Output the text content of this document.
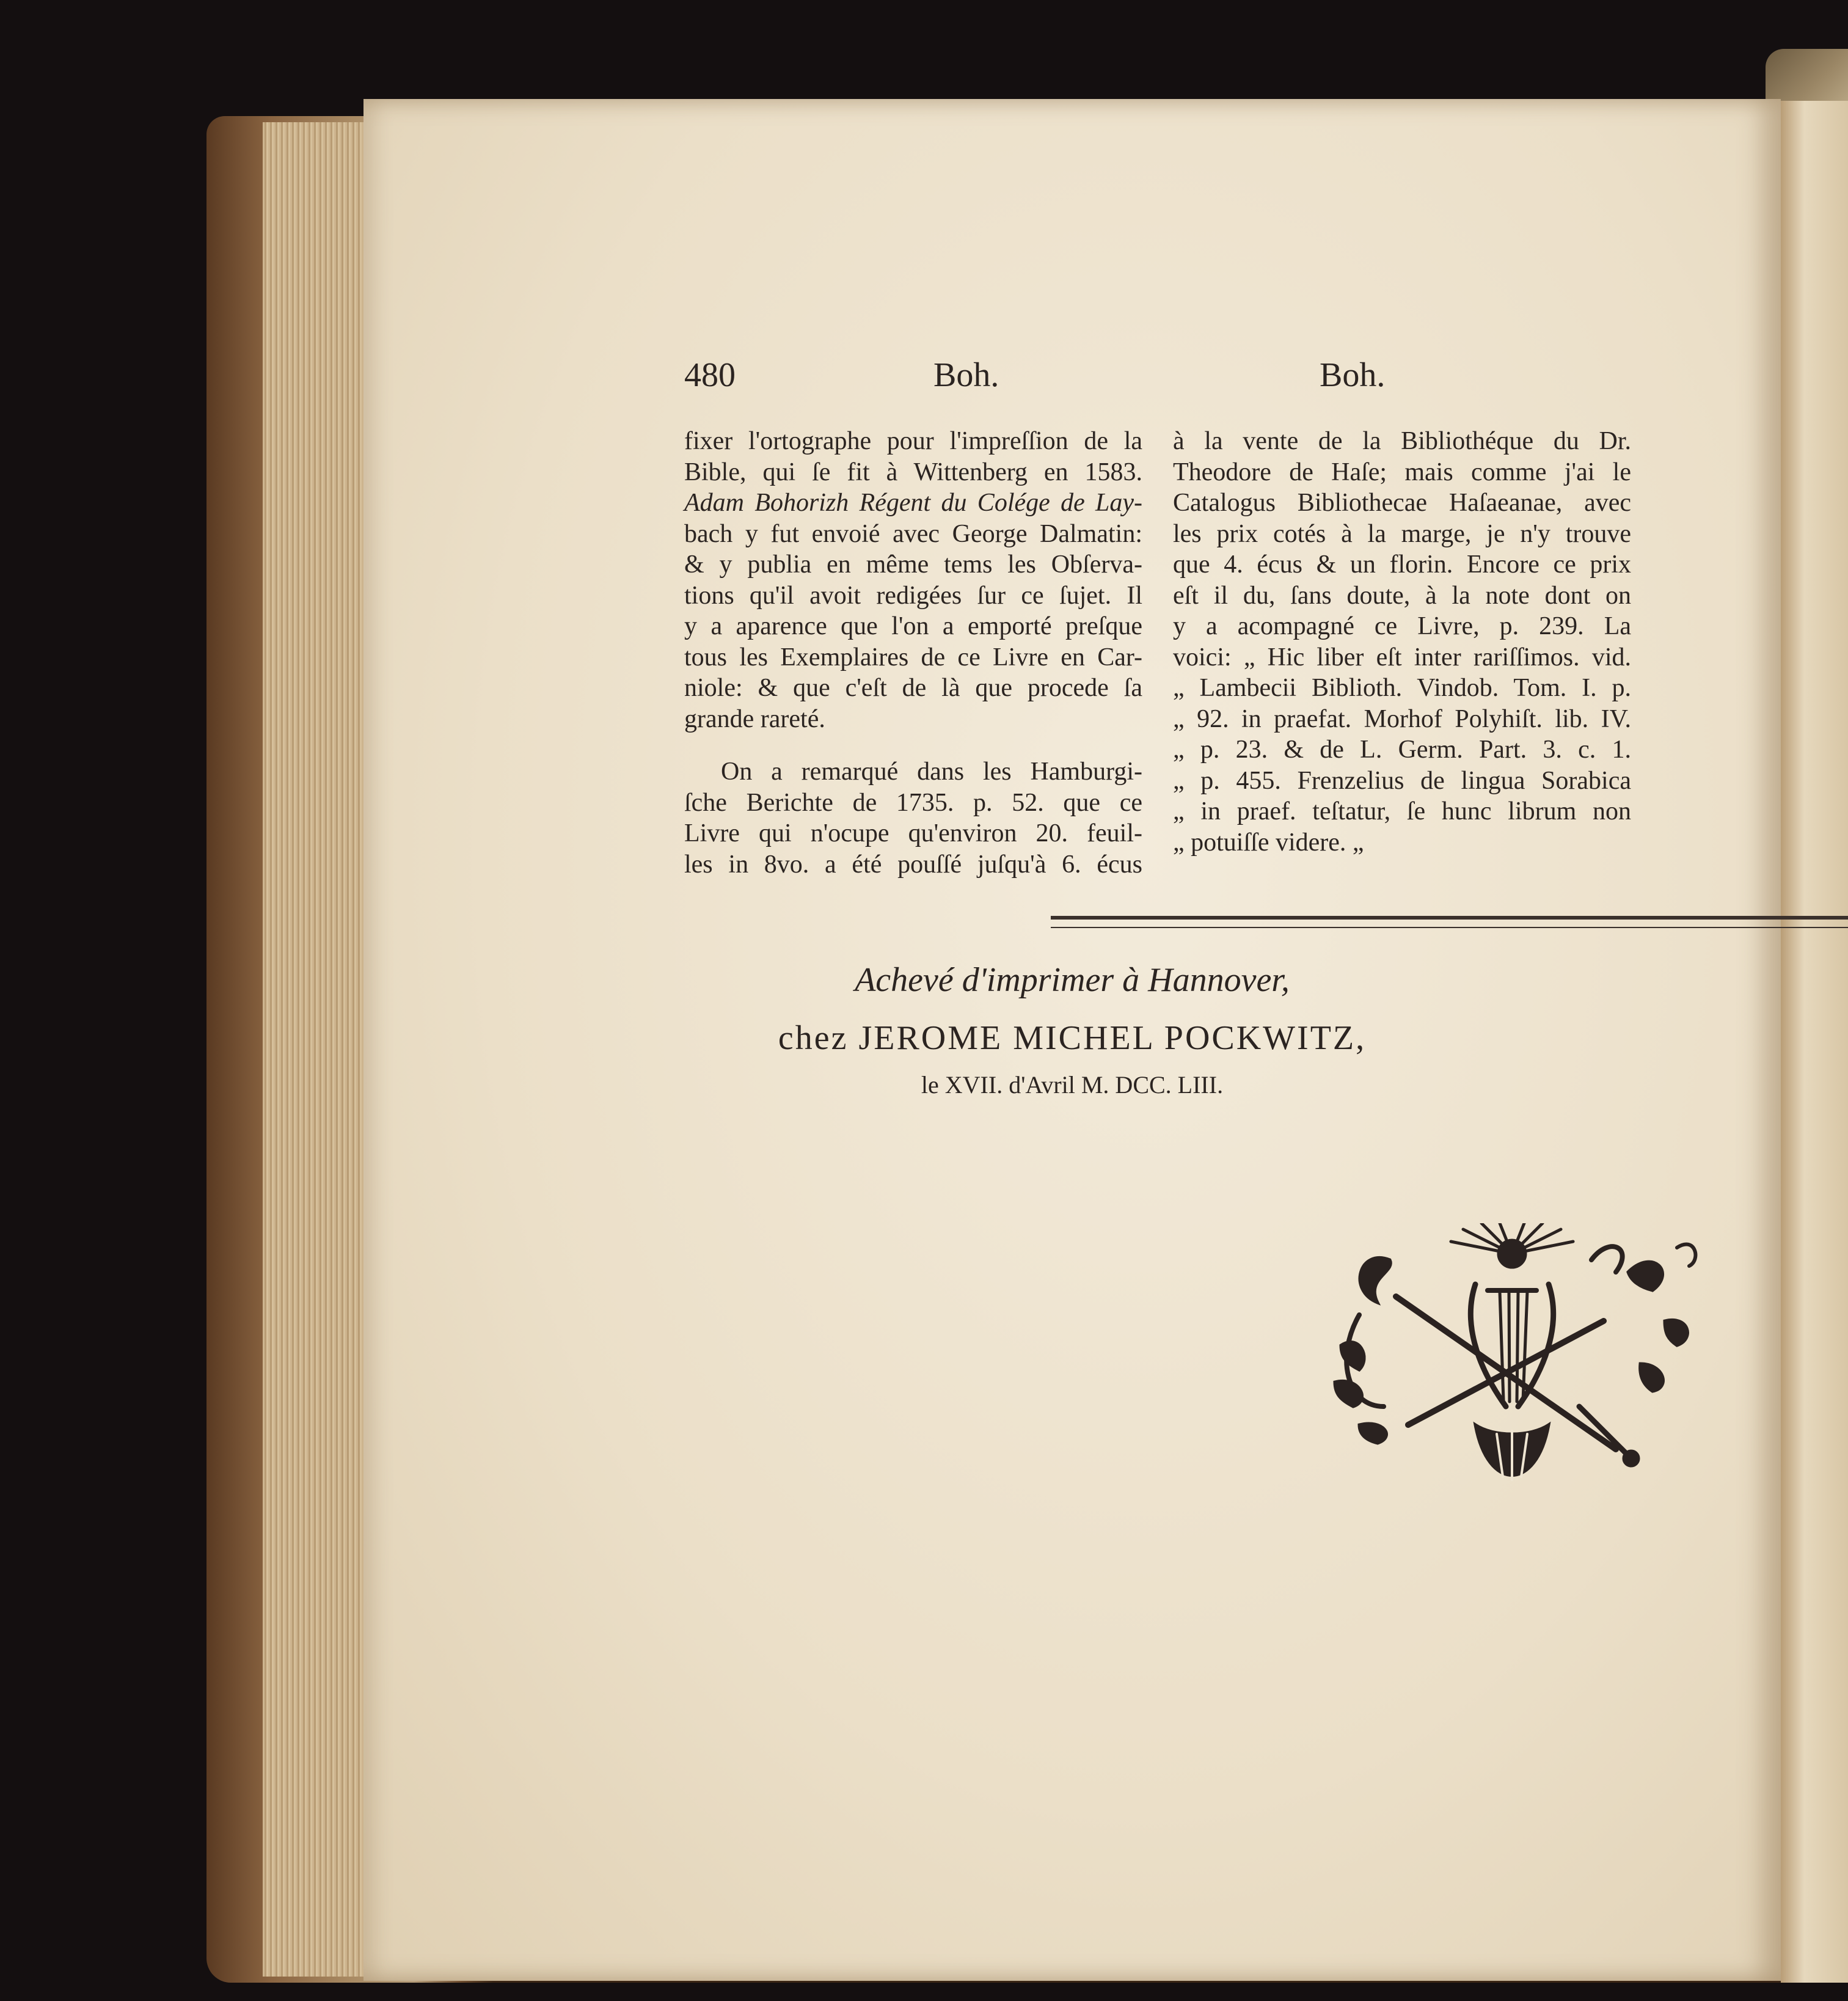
480	Boh.	Boh.
fixer l'ortographe pour l'impreſſion de la
Bible, qui ſe fit à Wittenberg en 1583.
Adam Bohorizh Régent du Colége de Lay-
bach y fut envoié avec George Dalmatin:
& y publia en même tems les Obſerva-
tions qu'il avoit redigées ſur ce ſujet. Il
y a aparence que l'on a emporté preſque
tous les Exemplaires de ce Livre en Car-
niole: & que c'eſt de là que procede ſa
grande rareté.
On a remarqué dans les Hamburgi-
ſche Berichte de 1735. p. 52. que ce
Livre qui n'ocupe qu'environ 20. feuil-
les in 8vo. a été pouſſé juſqu'à 6. écus
à la vente de la Bibliothéque du Dr.
Theodore de Haſe; mais comme j'ai le
Catalogus Bibliothecae Haſaeanae, avec
les prix cotés à la marge, je n'y trouve
que 4. écus & un florin. Encore ce prix
eſt il du, ſans doute, à la note dont on
y a acompagné ce Livre, p. 239. La
voici: „ Hic liber eſt inter rariſſimos. vid.
„ Lambecii Biblioth. Vindob. Tom. I. p.
„ 92. in praefat. Morhof Polyhiſt. lib. IV.
„ p. 23. & de L. Germ. Part. 3. c. 1.
„ p. 455. Frenzelius de lingua Sorabica
„ in praef. teſtatur, ſe hunc librum non
„ potuiſſe videre. „
Achevé d'imprimer à Hannover,
chez JEROME MICHEL POCKWITZ,
le XVII. d'Avril M. DCC. LIII.
